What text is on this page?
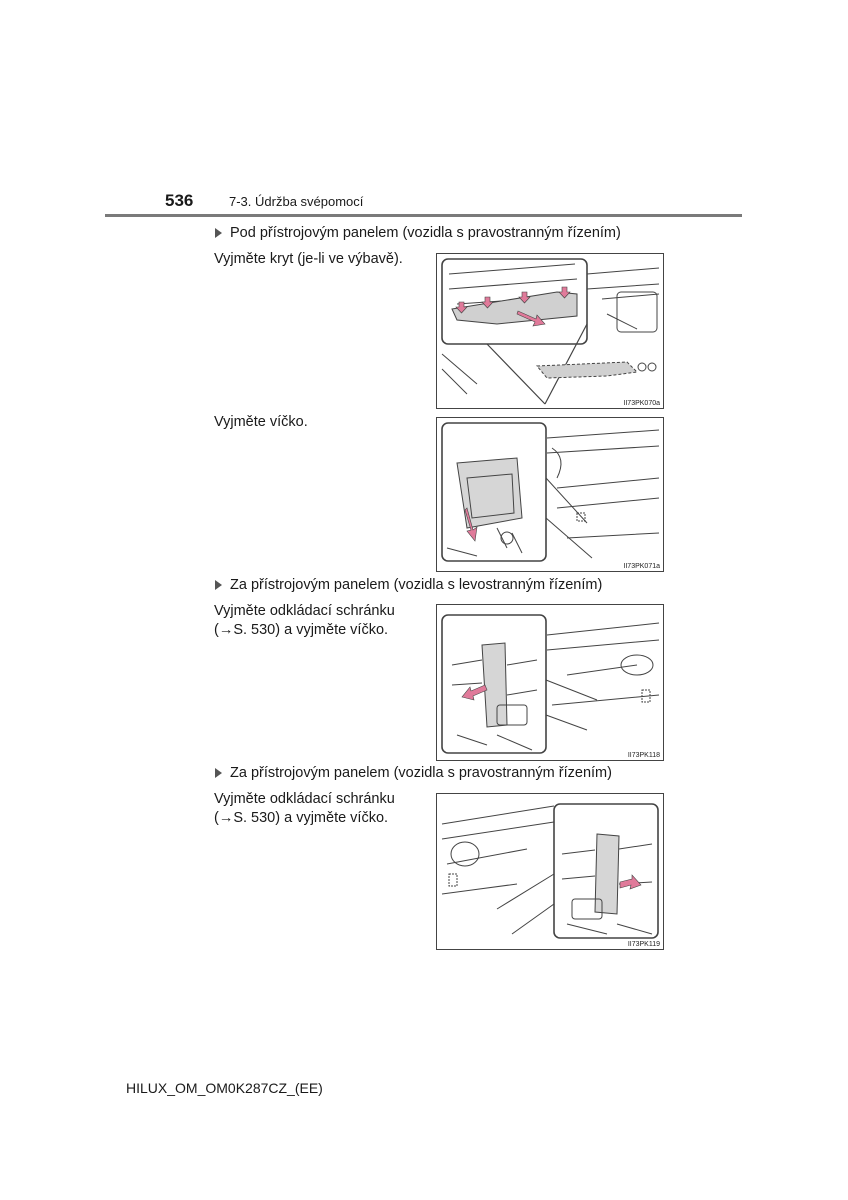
536	7-3. Údržba svépomocí
Pod přístrojovým panelem (vozidla s pravostranným řízením)
Vyjměte kryt (je-li ve výbavě).
II73PK070a
Vyjměte víčko.
II73PK071a
Za přístrojovým panelem (vozidla s levostranným řízením)
Vyjměte odkládací schránku
(→S. 530) a vyjměte víčko.
II73PK118
Za přístrojovým panelem (vozidla s pravostranným řízením)
Vyjměte odkládací schránku
(→S. 530) a vyjměte víčko.
II73PK119
HILUX_OM_OM0K287CZ_(EE)
